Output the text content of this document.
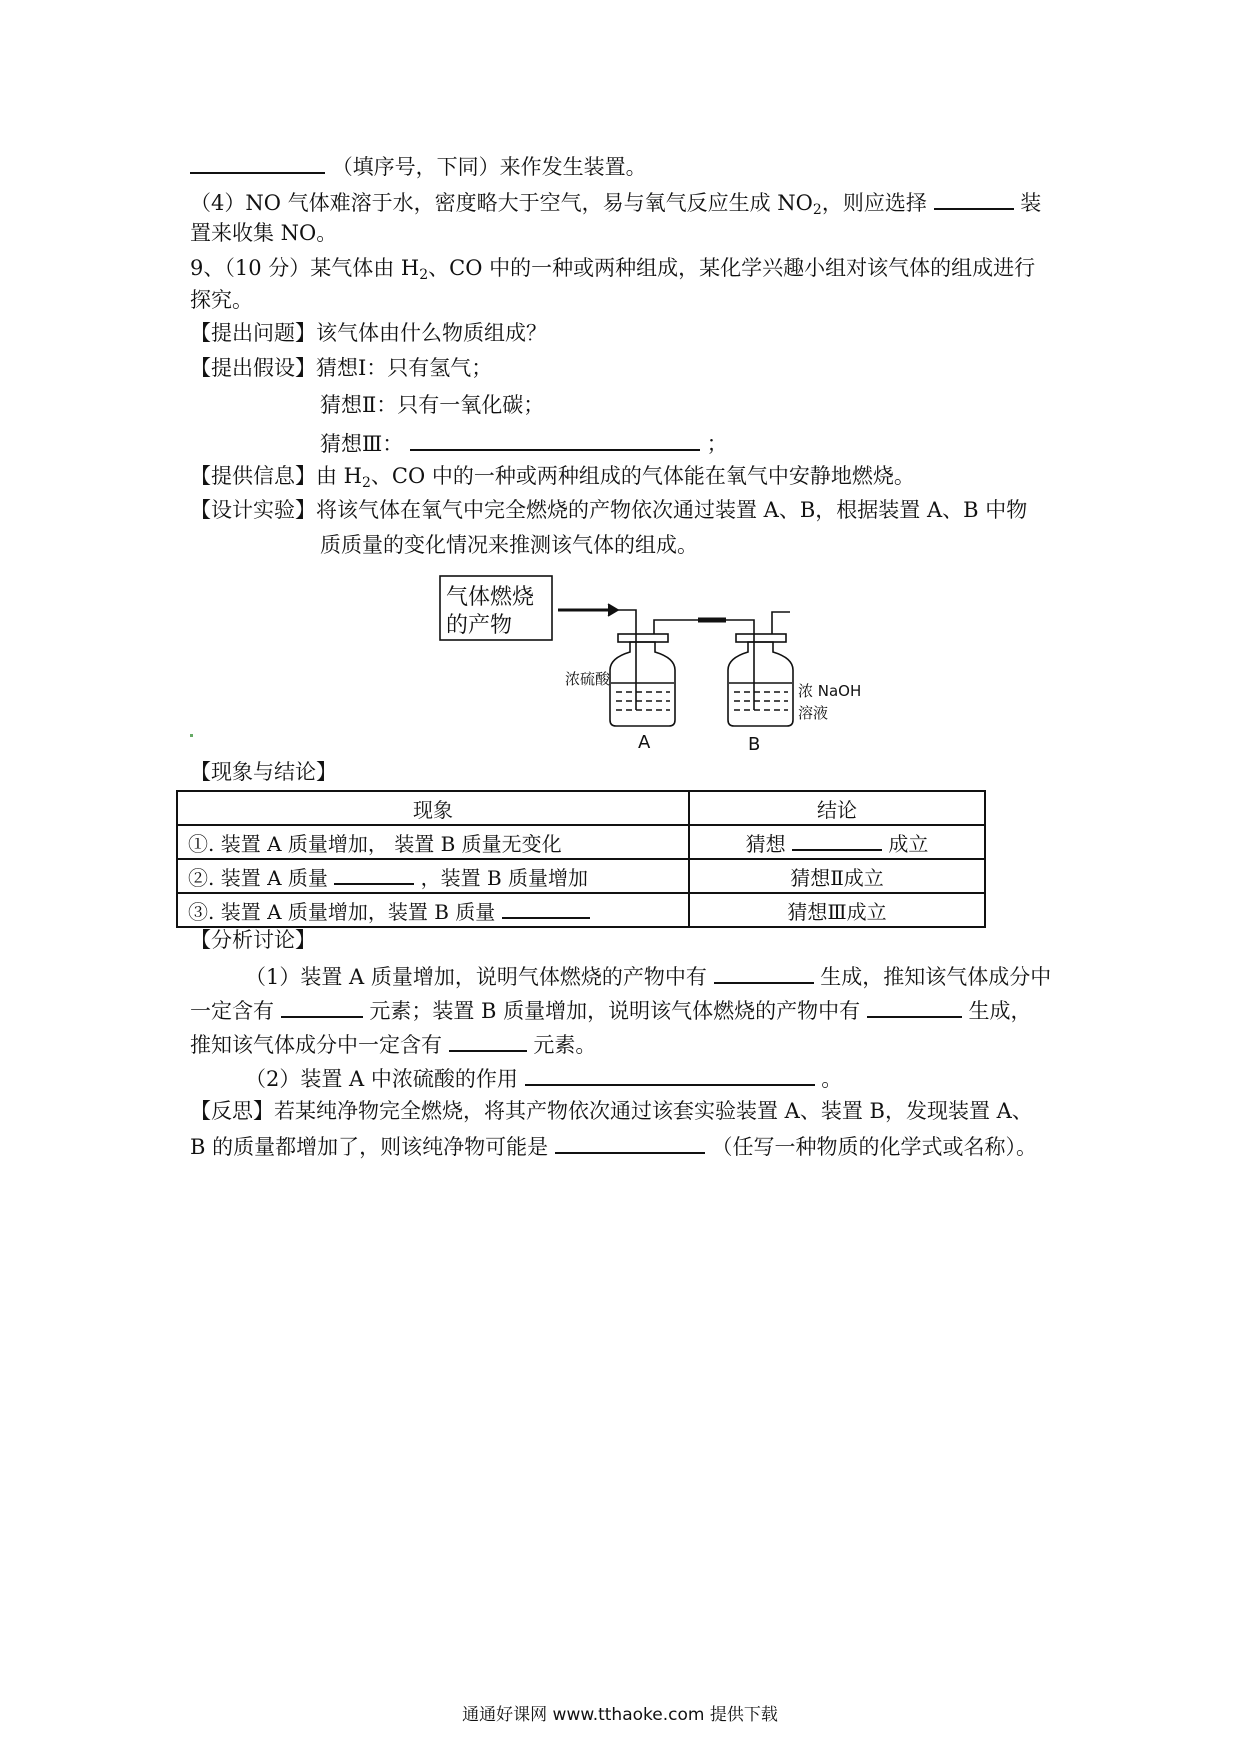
（填序号，下同）来作发生装置。
（4）NO 气体难溶于水，密度略大于空气，易与氧气反应生成 $NO_2$，则应选择	装
置来收集 NO。
9、（10 分）某气体由 $H_2$、CO 中的一种或两种组成，某化学兴趣小组对该气体的组成进行
探究。
【提出问题】该气体由什么物质组成？
【提出假设】猜想Ⅰ：只有氢气；
猜想Ⅱ：只有一氧化碳；
猜想Ⅲ：	；
【提供信息】由 $H_2$、CO 中的一种或两种组成的气体能在氧气中安静地燃烧。
【设计实验】将该气体在氧气中完全燃烧的产物依次通过装置 A、B，根据装置 A、B 中物
质质量的变化情况来推测该气体的组成。
气体燃烧
的产物
浓硫酸
浓 NaOH
溶液
A	B
【现象与结论】
现象	结论
①. 装置 A 质量增加， 装置 B 质量无变化	猜想 成立
②. 装置 A 质量 ，装置 B 质量增加	猜想Ⅱ成立
③. 装置 A 质量增加，装置 B 质量	猜想Ⅲ成立
【分析讨论】
（1）装置 A 质量增加，说明气体燃烧的产物中有	生成，推知该气体成分中
一定含有	元素；装置 B 质量增加，说明该气体燃烧的产物中有	生成，
推知该气体成分中一定含有	元素。
（2）装置 A 中浓硫酸的作用	。
【反思】若某纯净物完全燃烧，将其产物依次通过该套实验装置 A、装置 B，发现装置 A、
B 的质量都增加了，则该纯净物可能是	（任写一种物质的化学式或名称）。
通通好课网 www.tthaoke.com 提供下载
